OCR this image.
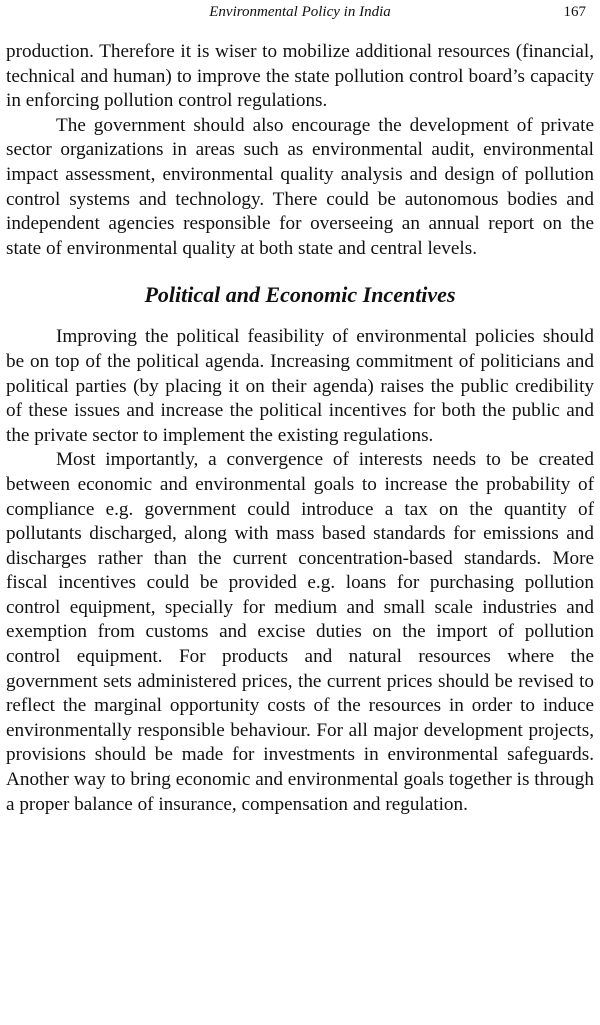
Environmental Policy in India	167

production. Therefore it is wiser to mobilize additional resources (financial, technical and human) to improve the state pollution control board’s capacity in enforcing pollution control regulations.

The government should also encourage the development of private sector organizations in areas such as environmental audit, environmental impact assessment, environmental quality analysis and design of pollution control systems and technology. There could be autonomous bodies and independent agencies responsible for overseeing an annual report on the state of environmental quality at both state and central levels.

Political and Economic Incentives

Improving the political feasibility of environmental policies should be on top of the political agenda. Increasing commitment of politicians and political parties (by placing it on their agenda) raises the public credibility of these issues and increase the political incentives for both the public and the private sector to implement the existing regulations.

Most importantly, a convergence of interests needs to be created between economic and environmental goals to increase the probability of compliance e.g. government could introduce a tax on the quantity of pollutants discharged, along with mass based standards for emissions and discharges rather than the current concentration-based standards. More fiscal incentives could be provided e.g. loans for purchasing pollution control equipment, specially for medium and small scale industries and exemption from customs and excise duties on the import of pollution control equipment. For products and natural resources where the government sets administered prices, the current prices should be revised to reflect the marginal opportunity costs of the resources in order to induce environmentally responsible behaviour. For all major development projects, provisions should be made for investments in environmental safeguards. Another way to bring economic and environmental goals together is through a proper balance of insurance, compensation and regulation.
